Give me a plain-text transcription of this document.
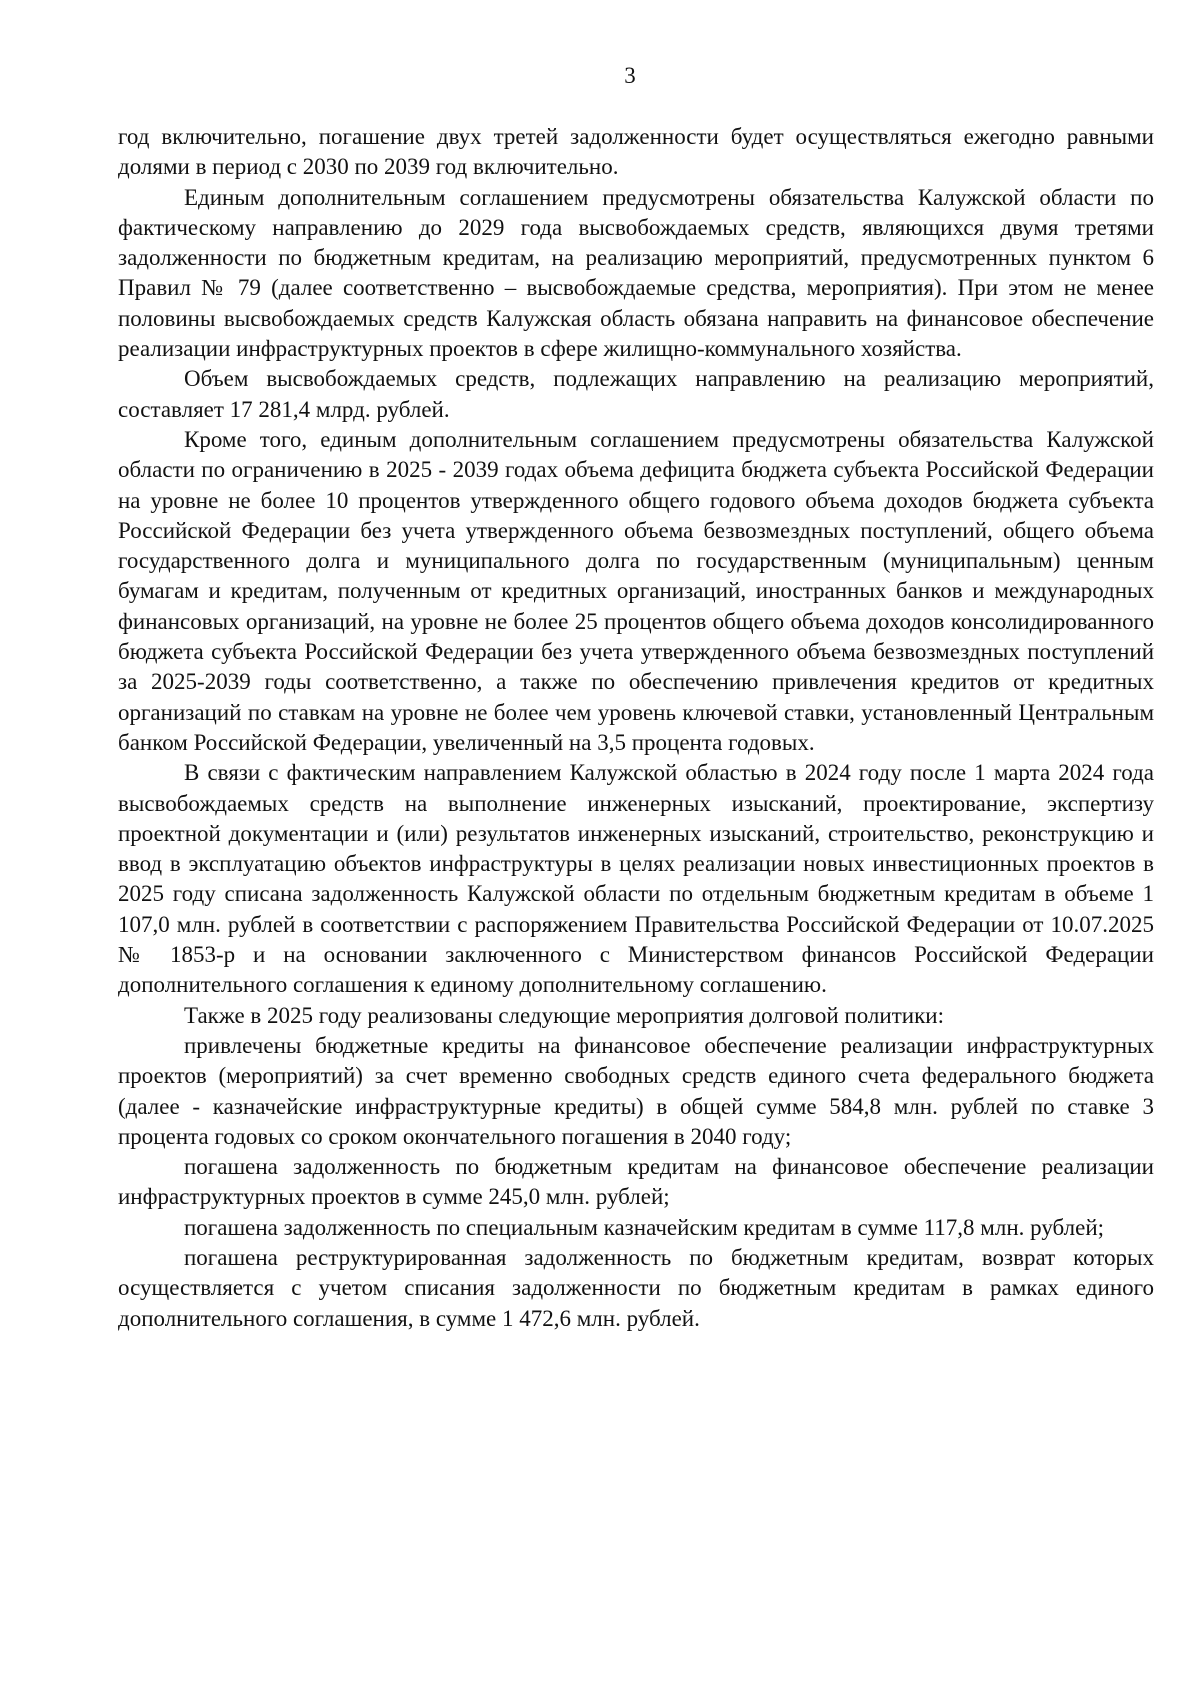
3

год включительно, погашение двух третей задолженности будет осуществляться ежегодно равными долями в период с 2030 по 2039 год включительно.

Единым дополнительным соглашением предусмотрены обязательства Калужской области по фактическому направлению до 2029 года высвобождаемых средств, являющихся двумя третями задолженности по бюджетным кредитам, на реализацию мероприятий, предусмотренных пунктом 6 Правил № 79 (далее соответственно – высвобождаемые средства, мероприятия). При этом не менее половины высвобождаемых средств Калужская область обязана направить на финансовое обеспечение реализации инфраструктурных проектов в сфере жилищно-коммунального хозяйства.

Объем высвобождаемых средств, подлежащих направлению на реализацию мероприятий, составляет 17 281,4 млрд. рублей.

Кроме того, единым дополнительным соглашением предусмотрены обязательства Калужской области по ограничению в 2025 - 2039 годах объема дефицита бюджета субъекта Российской Федерации на уровне не более 10 процентов утвержденного общего годового объема доходов бюджета субъекта Российской Федерации без учета утвержденного объема безвозмездных поступлений, общего объема государственного долга и муниципального долга по государственным (муниципальным) ценным бумагам и кредитам, полученным от кредитных организаций, иностранных банков и международных финансовых организаций, на уровне не более 25 процентов общего объема доходов консолидированного бюджета субъекта Российской Федерации без учета утвержденного объема безвозмездных поступлений за 2025-2039 годы соответственно, а также по обеспечению привлечения кредитов от кредитных организаций по ставкам на уровне не более чем уровень ключевой ставки, установленный Центральным банком Российской Федерации, увеличенный на 3,5 процента годовых.

В связи с фактическим направлением Калужской областью в 2024 году после 1 марта 2024 года высвобождаемых средств на выполнение инженерных изысканий, проектирование, экспертизу проектной документации и (или) результатов инженерных изысканий, строительство, реконструкцию и ввод в эксплуатацию объектов инфраструктуры в целях реализации новых инвестиционных проектов в 2025 году списана задолженность Калужской области по отдельным бюджетным кредитам в объеме 1 107,0 млн. рублей в соответствии с распоряжением Правительства Российской Федерации от 10.07.2025 № 1853-р и на основании заключенного с Министерством финансов Российской Федерации дополнительного соглашения к единому дополнительному соглашению.

Также в 2025 году реализованы следующие мероприятия долговой политики:

привлечены бюджетные кредиты на финансовое обеспечение реализации инфраструктурных проектов (мероприятий) за счет временно свободных средств единого счета федерального бюджета (далее - казначейские инфраструктурные кредиты) в общей сумме 584,8 млн. рублей по ставке 3 процента годовых со сроком окончательного погашения в 2040 году;

погашена задолженность по бюджетным кредитам на финансовое обеспечение реализации инфраструктурных проектов в сумме 245,0 млн. рублей;

погашена задолженность по специальным казначейским кредитам в сумме 117,8 млн. рублей;

погашена реструктурированная задолженность по бюджетным кредитам, возврат которых осуществляется с учетом списания задолженности по бюджетным кредитам в рамках единого дополнительного соглашения, в сумме 1 472,6 млн. рублей.
